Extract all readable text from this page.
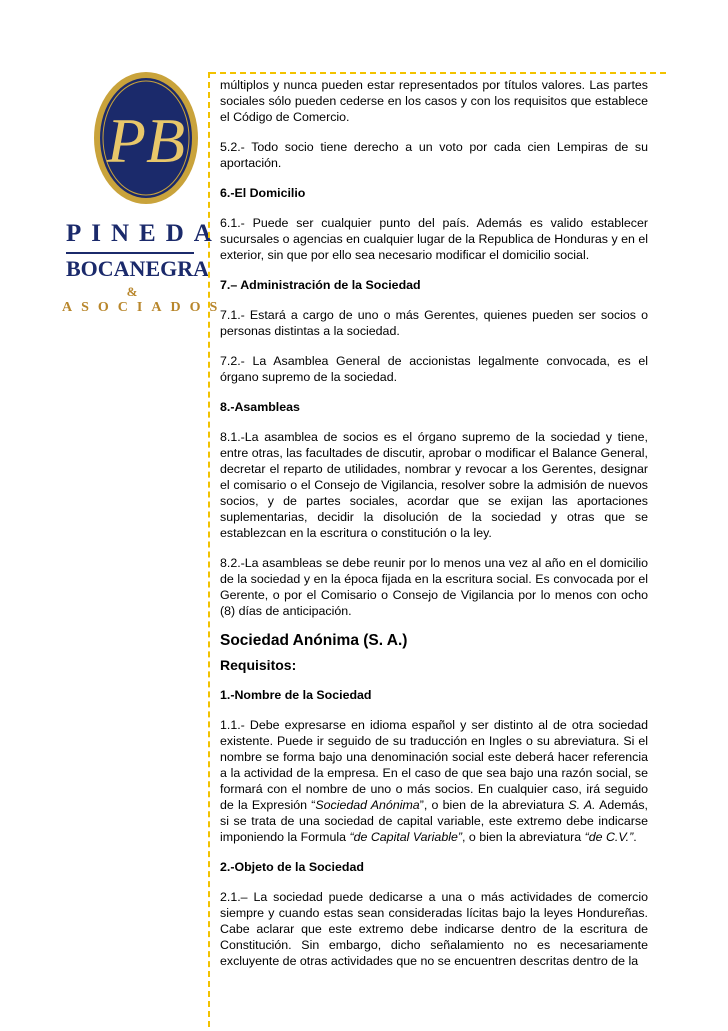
PB
PINEDA
BOCANEGRA
&
ASOCIADOS

múltiplos y nunca pueden estar representados por títulos valores. Las partes sociales sólo pueden cederse en los casos y con los requisitos que establece el Código de Comercio.

5.2.- Todo socio tiene derecho a un voto por cada cien Lempiras de su aportación.

6.-El Domicilio

6.1.- Puede ser cualquier punto del país. Además es valido establecer sucursales o agencias en cualquier lugar de la Republica de Honduras y en el exterior, sin que por ello sea necesario modificar el domicilio social.

7.– Administración de la Sociedad

7.1.- Estará a cargo de uno o más Gerentes, quienes pueden ser socios o personas distintas a la sociedad.

7.2.- La Asamblea General de accionistas legalmente convocada, es el órgano supremo de la sociedad.

8.-Asambleas

8.1.-La asamblea de socios es el órgano supremo de la sociedad y tiene, entre otras, las facultades de discutir, aprobar o modificar el Balance General, decretar el reparto de utilidades, nombrar y revocar a los Gerentes, designar el comisario o el Consejo de Vigilancia, resolver sobre la admisión de nuevos socios, y de partes sociales, acordar que se exijan las aportaciones suplementarias, decidir la disolución de la sociedad y otras que se establezcan en la escritura o constitución o la ley.

8.2.-La asambleas se debe reunir por lo menos una vez al año en el domicilio de la sociedad y en la época fijada en la escritura social. Es convocada por el Gerente, o por el Comisario o Consejo de Vigilancia por lo menos con ocho (8) días de anticipación.

Sociedad Anónima (S. A.)
Requisitos:
1.-Nombre de la Sociedad

1.1.- Debe expresarse en idioma español y ser distinto al de otra sociedad existente. Puede ir seguido de su traducción en Ingles o su abreviatura. Si el nombre se forma bajo una denominación social este deberá hacer referencia a la actividad de la empresa. En el caso de que sea bajo una razón social, se formará con el nombre de uno o más socios. En cualquier caso, irá seguido de la Expresión “Sociedad Anónima”, o bien de la abreviatura S. A. Además, si se trata de una sociedad de capital variable, este extremo debe indicarse imponiendo la Formula “de Capital Variable”, o bien la abreviatura “de C.V.”.

2.-Objeto de la Sociedad

2.1.– La sociedad puede dedicarse a una o más actividades de comercio siempre y cuando estas sean consideradas lícitas bajo la leyes Hondureñas. Cabe aclarar que este extremo debe indicarse dentro de la escritura de Constitución. Sin embargo, dicho señalamiento no es necesariamente excluyente de otras actividades que no se encuentren descritas dentro de la
